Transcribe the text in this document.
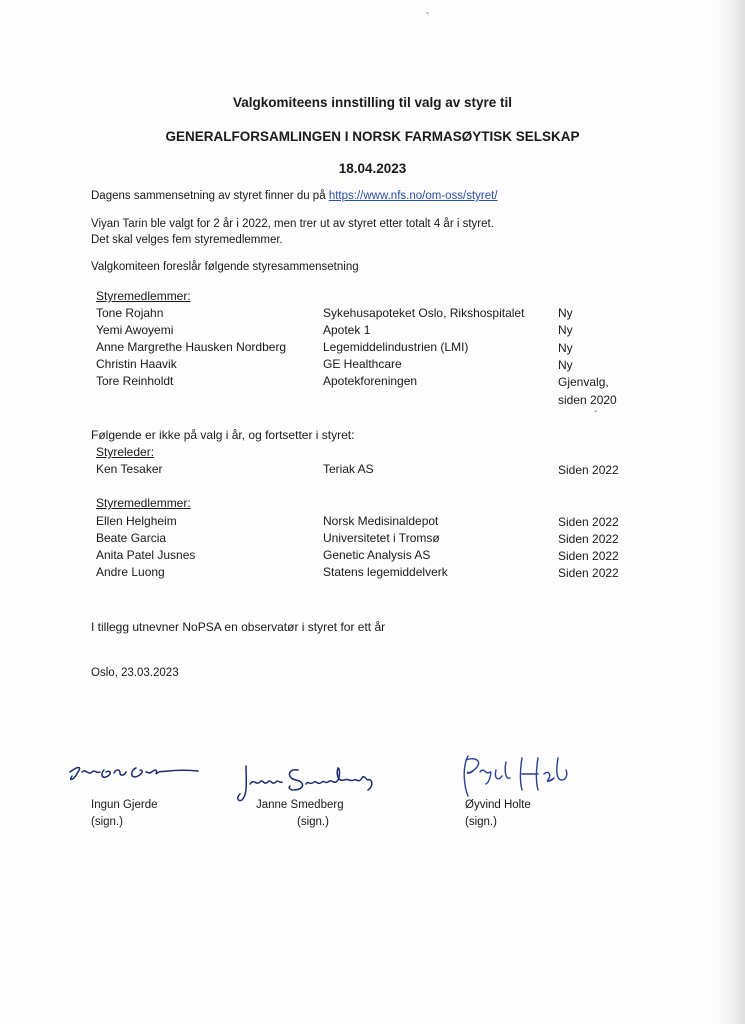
-
Valgkomiteens innstilling til valg av styre til
GENERALFORSAMLINGEN I NORSK FARMASØYTISK SELSKAP
18.04.2023
Dagens sammensetning av styret finner du på https://www.nfs.no/om-oss/styret/
Viyan Tarin ble valgt for 2 år i 2022, men trer ut av styret etter totalt 4 år i styret.
Det skal velges fem styremedlemmer.
Valgkomiteen foreslår følgende styresammensetning
Styremedlemmer:
Tone Rojahn	Sykehusapoteket Oslo, Rikshospitalet	Ny
Yemi Awoyemi	Apotek 1	Ny
Anne Margrethe Hausken Nordberg	Legemiddelindustrien (LMI)	Ny
Christin Haavik	GE Healthcare	Ny
Tore Reinholdt	Apotekforeningen	Gjenvalg,
siden 2020
-
Følgende er ikke på valg i år, og fortsetter i styret:
Styreleder:
Ken Tesaker	Teriak AS	Siden 2022
Styremedlemmer:
Ellen Helgheim	Norsk Medisinaldepot	Siden 2022
Beate Garcia	Universitetet i Tromsø	Siden 2022
Anita Patel Jusnes	Genetic Analysis AS	Siden 2022
Andre Luong	Statens legemiddelverk	Siden 2022
I tillegg utnevner NoPSA en observatør i styret for ett år
Oslo, 23.03.2023
Ingun Gjerde
(sign.)
Janne Smedberg
(sign.)
Øyvind Holte
(sign.)
